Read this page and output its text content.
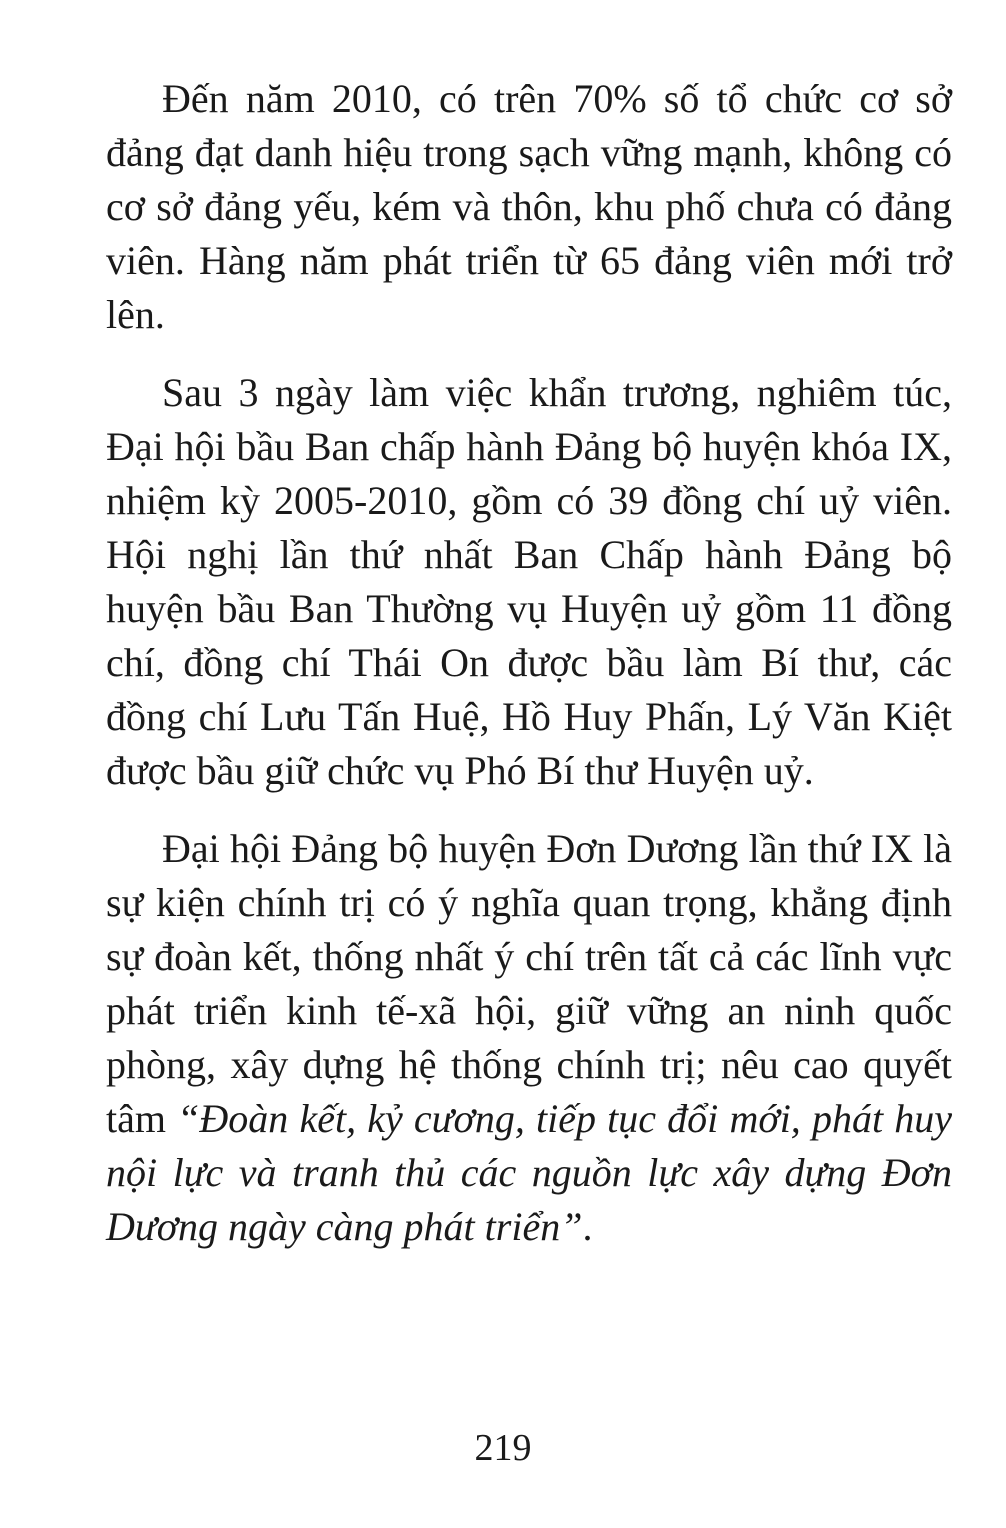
Đến năm 2010, có trên 70% số tổ chức cơ sở đảng đạt danh hiệu trong sạch vững mạnh, không có cơ sở đảng yếu, kém và thôn, khu phố chưa có đảng viên. Hàng năm phát triển từ 65 đảng viên mới trở lên.

Sau 3 ngày làm việc khẩn trương, nghiêm túc, Đại hội bầu Ban chấp hành Đảng bộ huyện khóa IX, nhiệm kỳ 2005-2010, gồm có 39 đồng chí uỷ viên. Hội nghị lần thứ nhất Ban Chấp hành Đảng bộ huyện bầu Ban Thường vụ Huyện uỷ gồm 11 đồng chí, đồng chí Thái On được bầu làm Bí thư, các đồng chí Lưu Tấn Huệ, Hồ Huy Phấn, Lý Văn Kiệt được bầu giữ chức vụ Phó Bí thư Huyện uỷ.

Đại hội Đảng bộ huyện Đơn Dương lần thứ IX là sự kiện chính trị có ý nghĩa quan trọng, khẳng định sự đoàn kết, thống nhất ý chí trên tất cả các lĩnh vực phát triển kinh tế-xã hội, giữ vững an ninh quốc phòng, xây dựng hệ thống chính trị; nêu cao quyết tâm “Đoàn kết, kỷ cương, tiếp tục đổi mới, phát huy nội lực và tranh thủ các nguồn lực xây dựng Đơn Dương ngày càng phát triển”.

219
